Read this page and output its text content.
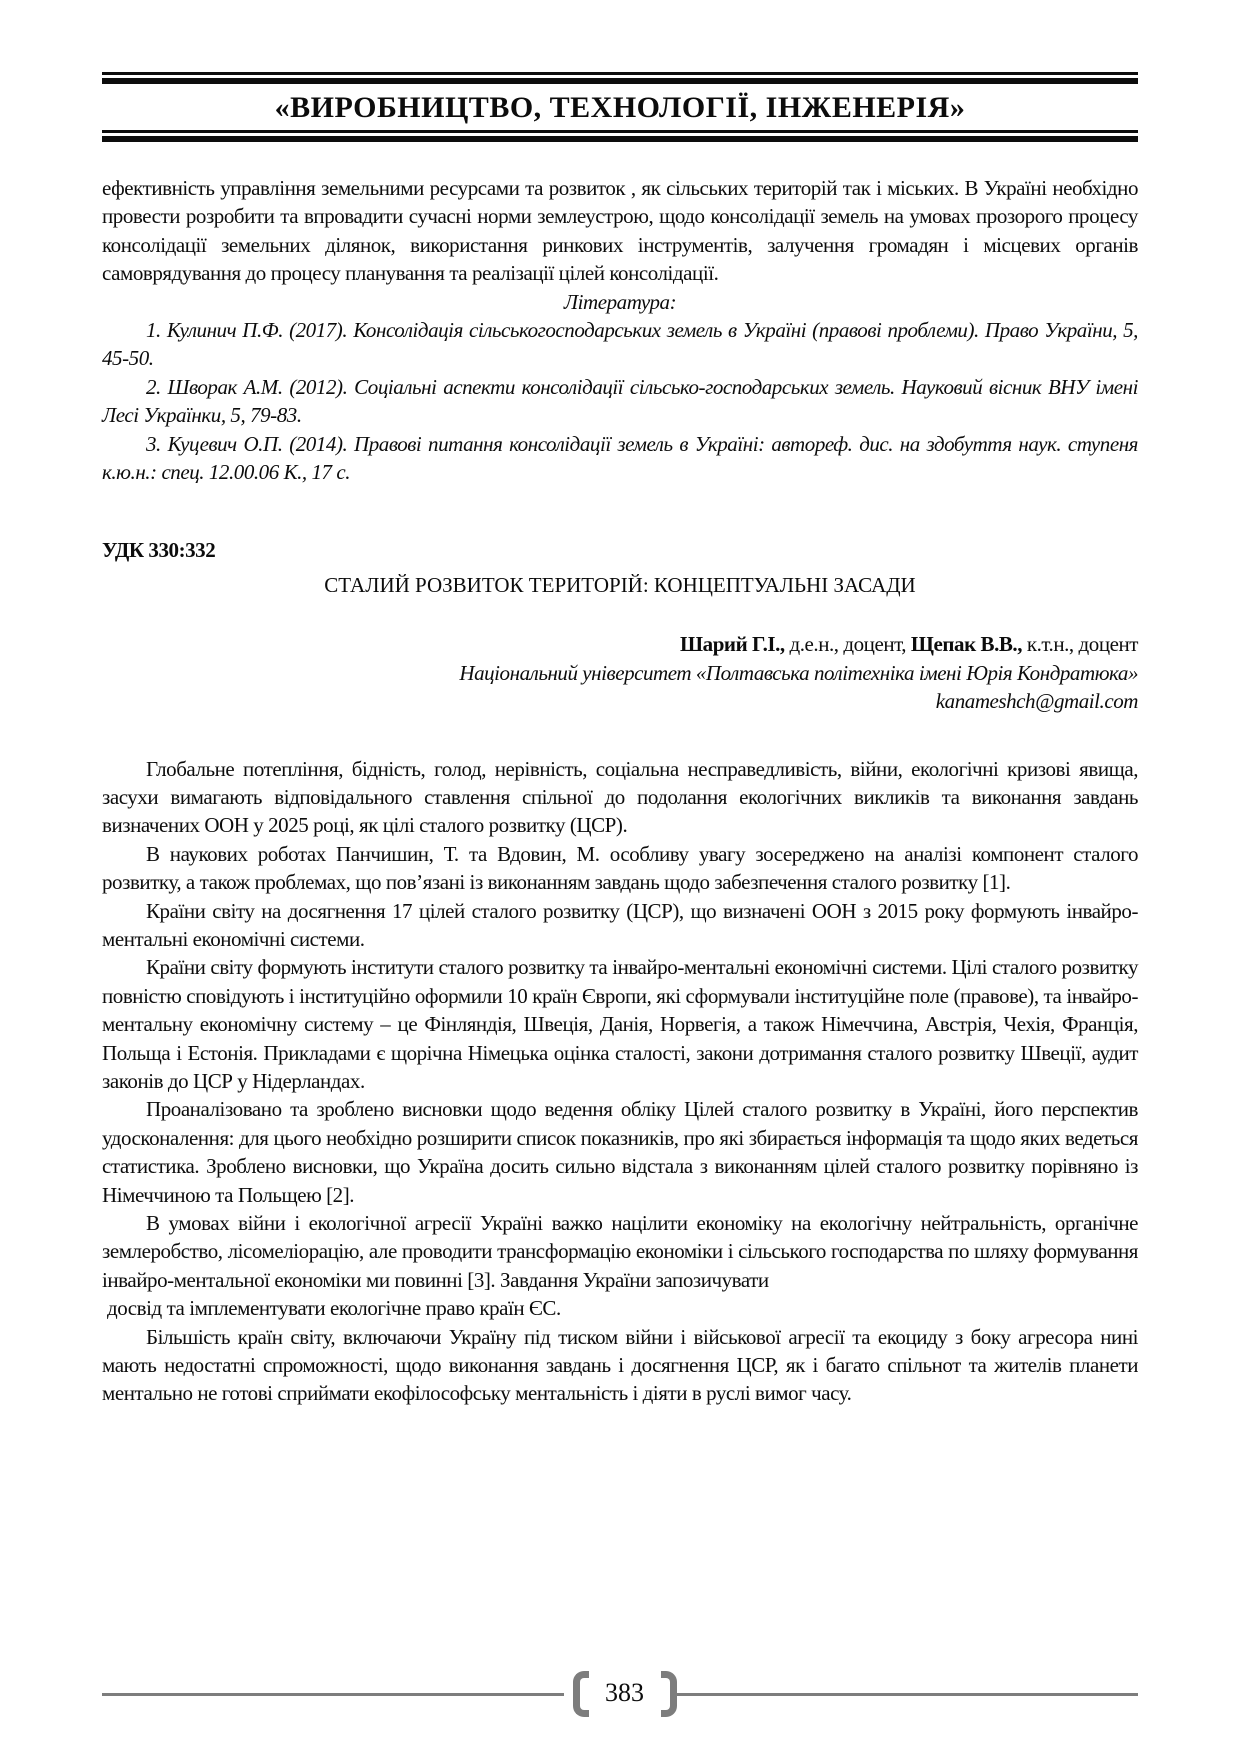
«ВИРОБНИЦТВО, ТЕХНОЛОГІЇ, ІНЖЕНЕРІЯ»

ефективність управління земельними ресурсами та розвиток , як сільських територій так і міських. В Україні необхідно провести розробити та впровадити сучасні норми землеустрою, щодо консолідації земель на умовах прозорого процесу консолідації земельних ділянок, використання ринкових інструментів, залучення громадян і місцевих органів самоврядування до процесу планування та реалізації цілей консолідації.

Література:

1. Кулинич П.Ф. (2017). Консолідація сільськогосподарських земель в Україні (правові проблеми). Право України, 5, 45-50.

2. Шворак А.М. (2012). Соціальні аспекти консолідації сільсько-господарських земель. Науковий вісник ВНУ імені Лесі Українки, 5, 79-83.

3. Куцевич О.П. (2014). Правові питання консолідації земель в Україні: автореф. дис. на здобуття наук. ступеня к.ю.н.: спец. 12.00.06 К., 17 с.

УДК 330:332

СТАЛИЙ РОЗВИТОК ТЕРИТОРІЙ: КОНЦЕПТУАЛЬНІ ЗАСАДИ

Шарий Г.І., д.е.н., доцент, Щепак В.В., к.т.н., доцент

Національний університет «Полтавська політехніка імені Юрія Кондратюка»

kanameshch@gmail.com

Глобальне потепління, бідність, голод, нерівність, соціальна несправедливість, війни, екологічні кризові явища, засухи вимагають відповідального ставлення спільної до подолання екологічних викликів та виконання завдань визначених ООН у 2025 році, як цілі сталого розвитку (ЦСР).

В наукових роботах Панчишин, Т. та Вдовин, М. особливу увагу зосереджено на аналізі компонент сталого розвитку, а також проблемах, що пов’язані із виконанням завдань щодо забезпечення сталого розвитку [1].

Країни світу на досягнення 17 цілей сталого розвитку (ЦСР), що визначені ООН з 2015 року формують інвайро-ментальні економічні системи.

Країни світу формують інститути сталого розвитку та інвайро-ментальні економічні системи. Цілі сталого розвитку повністю сповідують і інституційно оформили 10 країн Європи, які сформували інституційне поле (правове), та інвайро-ментальну економічну систему – це Фінляндія, Швеція, Данія, Норвегія, а також Німеччина, Австрія, Чехія, Франція, Польща і Естонія. Прикладами є щорічна Німецька оцінка сталості, закони дотримання сталого розвитку Швеції, аудит законів до ЦСР у Нідерландах.

Проаналізовано та зроблено висновки щодо ведення обліку Цілей сталого розвитку в Україні, його перспектив удосконалення: для цього необхідно розширити список показників, про які збирається інформація та щодо яких ведеться статистика. Зроблено висновки, що Україна досить сильно відстала з виконанням цілей сталого розвитку порівняно із Німеччиною та Польщею [2].

В умовах війни і екологічної агресії Україні важко націлити економіку на екологічну нейтральність, органічне землеробство, лісомеліорацію, але проводити трансформацію економіки і сільського господарства по шляху формування інвайро-ментальної економіки ми повинні [3]. Завдання України запозичувати

досвід та імплементувати екологічне право країн ЄС.

Більшість країн світу, включаючи Україну під тиском війни і військової агресії та екоциду з боку агресора нині мають недостатні спроможності, щодо виконання завдань і досягнення ЦСР, як і багато спільнот та жителів планети ментально не готові сприймати екофілософську ментальність і діяти в руслі вимог часу.

383
